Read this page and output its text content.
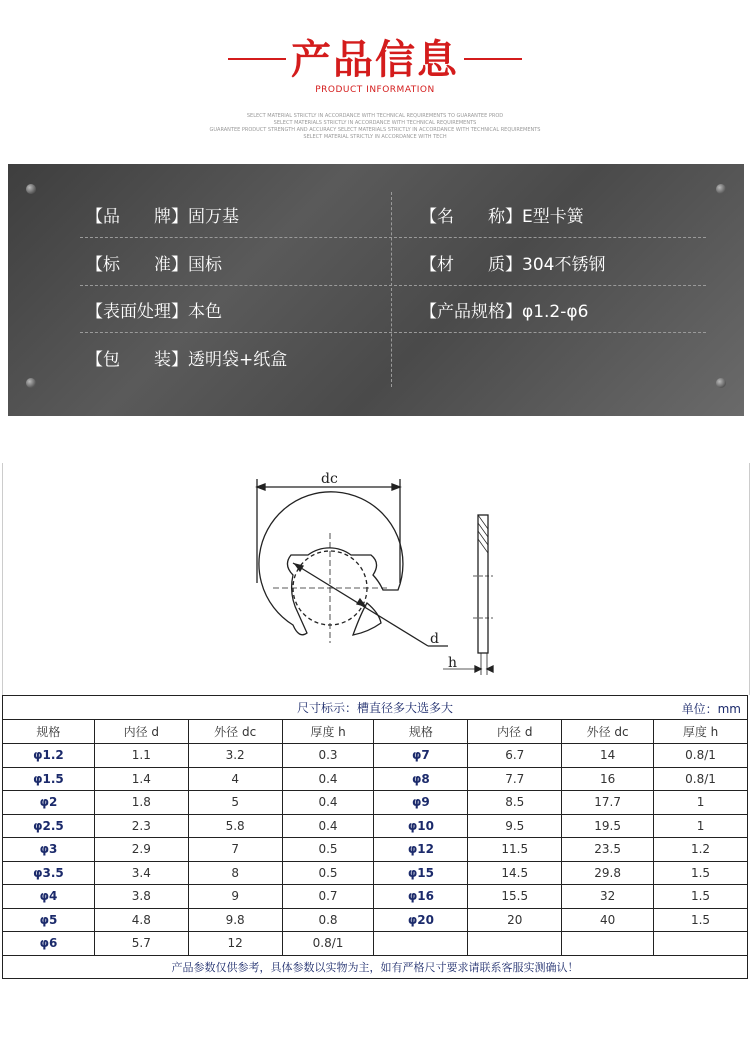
产品信息
PRODUCT INFORMATION
SELECT MATERIAL STRICTLY IN ACCORDANCE WITH TECHNICAL REQUIREMENTS TO GUARANTEE PROD
SELECT MATERIALS STRICTLY IN ACCORDANCE WITH TECHNICAL REQUIREMENTS
GUARANTEE PRODUCT STRENGTH AND ACCURACY SELECT MATERIALS STRICTLY IN ACCORDANCE WITH TECHNICAL REQUIREMENTS
SELECT MATERIAL STRICTLY IN ACCORDANCE WITH TECH
【品　　牌】固万基	【名　　称】E型卡簧
【标　　准】国标	【材　　质】304不锈钢
【表面处理】本色	【产品规格】φ1.2-φ6
【包　　装】透明袋+纸盒
dc
d
h
尺寸标示：槽直径多大选多大 单位：mm							

规格	内径 d	外径 dc	厚度 h	规格	内径 d	外径 dc	厚度 h
φ1.2	1.1	3.2	0.3	φ7	6.7	14	0.8/1
φ1.5	1.4	4	0.4	φ8	7.7	16	0.8/1
φ2	1.8	5	0.4	φ9	8.5	17.7	1
φ2.5	2.3	5.8	0.4	φ10	9.5	19.5	1
φ3	2.9	7	0.5	φ12	11.5	23.5	1.2
φ3.5	3.4	8	0.5	φ15	14.5	29.8	1.5
φ4	3.8	9	0.7	φ16	15.5	32	1.5
φ5	4.8	9.8	0.8	φ20	20	40	1.5
φ6	5.7	12	0.8/1				
产品参数仅供参考，具体参数以实物为主，如有严格尺寸要求请联系客服实测确认！							
